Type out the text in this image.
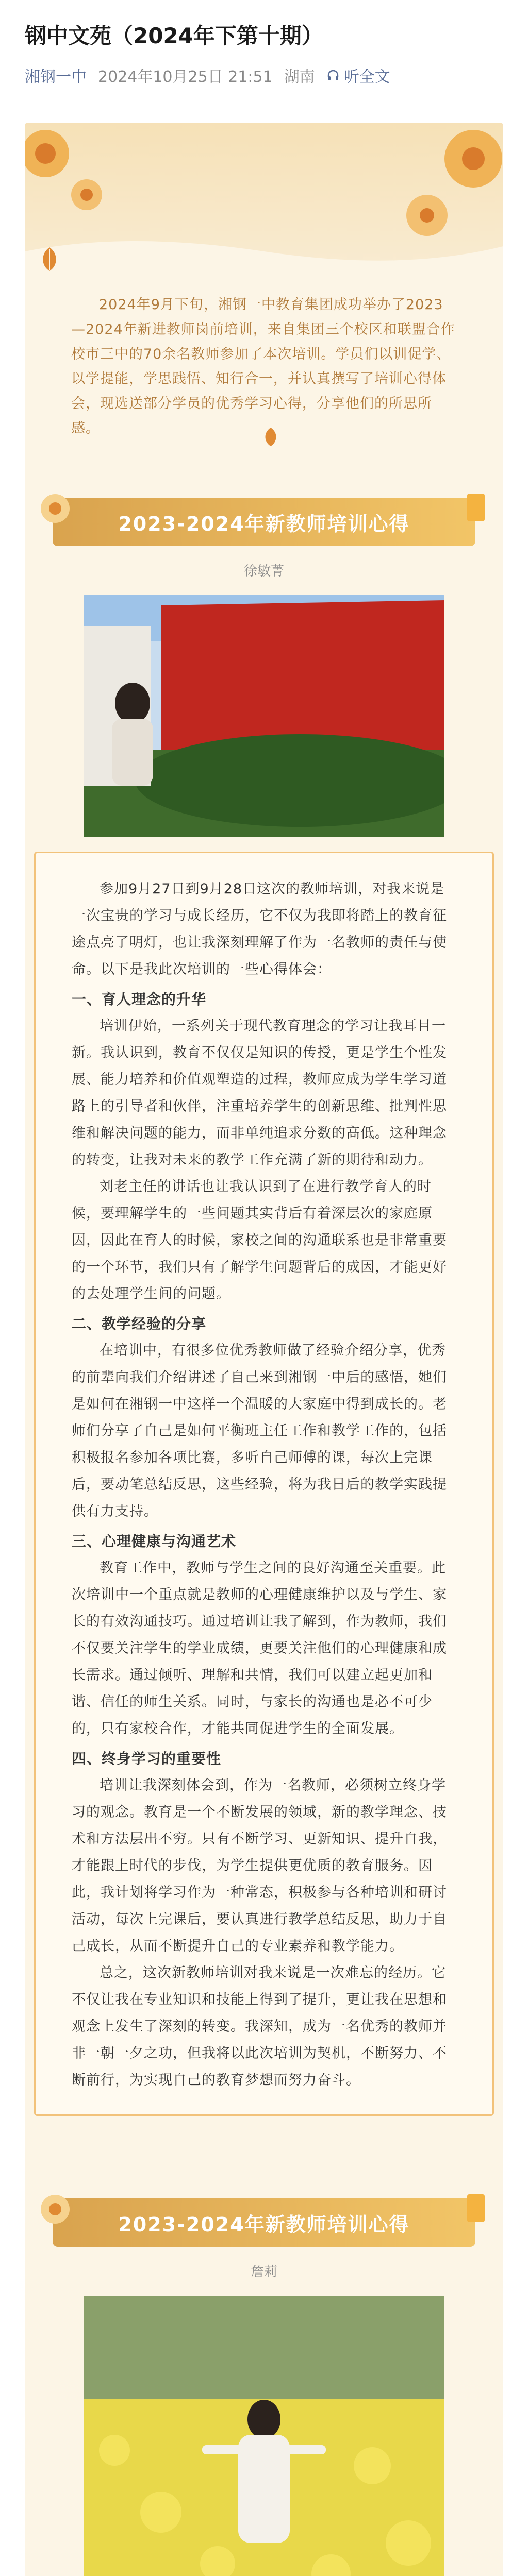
钢中文苑（2024年下第十期）
湘钢一中 2024年10月25日 21:51 湖南 听全文

2024年9月下旬，湘钢一中教育集团成功举办了2023—2024年新进教师岗前培训，来自集团三个校区和联盟合作校市三中的70余名教师参加了本次培训。学员们以训促学、以学提能，学思践悟、知行合一，并认真撰写了培训心得体会，现选送部分学员的优秀学习心得，分享他们的所思所感。

2023-2024年新教师培训心得
徐敏菁

参加9月27日到9月28日这次的教师培训，对我来说是一次宝贵的学习与成长经历，它不仅为我即将踏上的教育征途点亮了明灯，也让我深刻理解了作为一名教师的责任与使命。以下是我此次培训的一些心得体会：

一、育人理念的升华

培训伊始，一系列关于现代教育理念的学习让我耳目一新。我认识到，教育不仅仅是知识的传授，更是学生个性发展、能力培养和价值观塑造的过程，教师应成为学生学习道路上的引导者和伙伴，注重培养学生的创新思维、批判性思维和解决问题的能力，而非单纯追求分数的高低。这种理念的转变，让我对未来的教学工作充满了新的期待和动力。

刘老主任的讲话也让我认识到了在进行教学育人的时候，要理解学生的一些问题其实背后有着深层次的家庭原因，因此在育人的时候，家校之间的沟通联系也是非常重要的一个环节，我们只有了解学生问题背后的成因，才能更好的去处理学生间的问题。

二、教学经验的分享

在培训中，有很多位优秀教师做了经验介绍分享，优秀的前辈向我们介绍讲述了自己来到湘钢一中后的感悟，她们是如何在湘钢一中这样一个温暖的大家庭中得到成长的。老师们分享了自己是如何平衡班主任工作和教学工作的，包括积极报名参加各项比赛，多听自己师傅的课，每次上完课后，要动笔总结反思，这些经验，将为我日后的教学实践提供有力支持。

三、心理健康与沟通艺术

教育工作中，教师与学生之间的良好沟通至关重要。此次培训中一个重点就是教师的心理健康维护以及与学生、家长的有效沟通技巧。通过培训让我了解到，作为教师，我们不仅要关注学生的学业成绩，更要关注他们的心理健康和成长需求。通过倾听、理解和共情，我们可以建立起更加和谐、信任的师生关系。同时，与家长的沟通也是必不可少的，只有家校合作，才能共同促进学生的全面发展。

四、终身学习的重要性

培训让我深刻体会到，作为一名教师，必须树立终身学习的观念。教育是一个不断发展的领域，新的教学理念、技术和方法层出不穷。只有不断学习、更新知识、提升自我，才能跟上时代的步伐，为学生提供更优质的教育服务。因此，我计划将学习作为一种常态，积极参与各种培训和研讨活动，每次上完课后，要认真进行教学总结反思，助力于自己成长，从而不断提升自己的专业素养和教学能力。

总之，这次新教师培训对我来说是一次难忘的经历。它不仅让我在专业知识和技能上得到了提升，更让我在思想和观念上发生了深刻的转变。我深知，成为一名优秀的教师并非一朝一夕之功，但我将以此次培训为契机，不断努力、不断前行，为实现自己的教育梦想而努力奋斗。

2023-2024年新教师培训心得
詹莉
